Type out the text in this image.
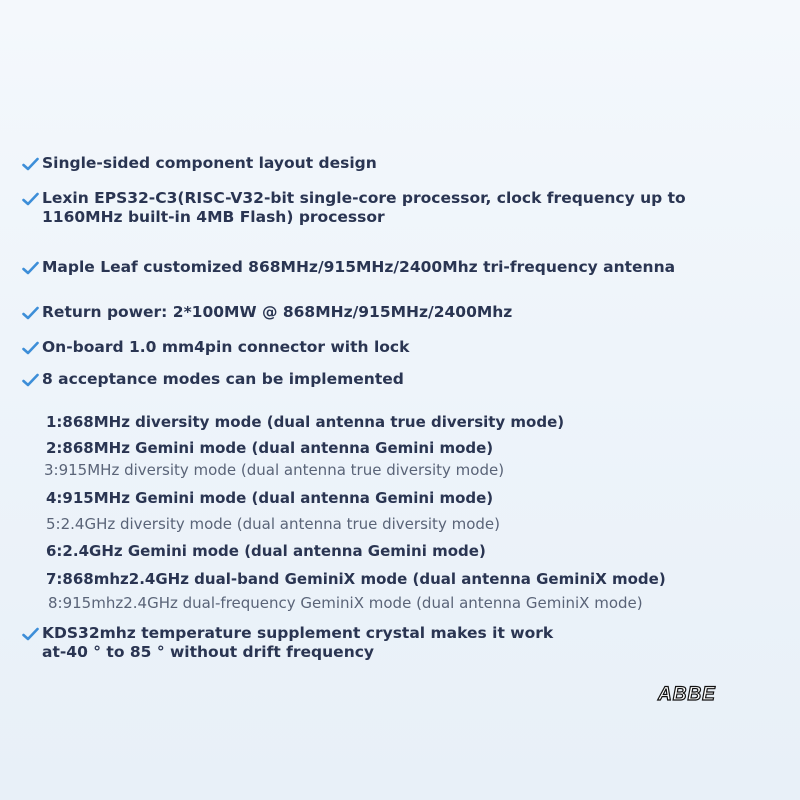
Single-sided component layout design
Lexin EPS32-C3(RISC-V32-bit single-core processor, clock frequency up to
1160MHz built-in 4MB Flash) processor
Maple Leaf customized 868MHz/915MHz/2400Mhz tri-frequency antenna
Return power: 2*100MW @ 868MHz/915MHz/2400Mhz
On-board 1.0 mm4pin connector with lock
8 acceptance modes can be implemented
1:868MHz diversity mode (dual antenna true diversity mode)
2:868MHz Gemini mode (dual antenna Gemini mode)
3:915MHz diversity mode (dual antenna true diversity mode)
4:915MHz Gemini mode (dual antenna Gemini mode)
5:2.4GHz diversity mode (dual antenna true diversity mode)
6:2.4GHz Gemini mode (dual antenna Gemini mode)
7:868mhz2.4GHz dual-band GeminiX mode (dual antenna GeminiX mode)
8:915mhz2.4GHz dual-frequency GeminiX mode (dual antenna GeminiX mode)
KDS32mhz temperature supplement crystal makes it work
at-40 ° to 85 ° without drift frequency
ABBE
